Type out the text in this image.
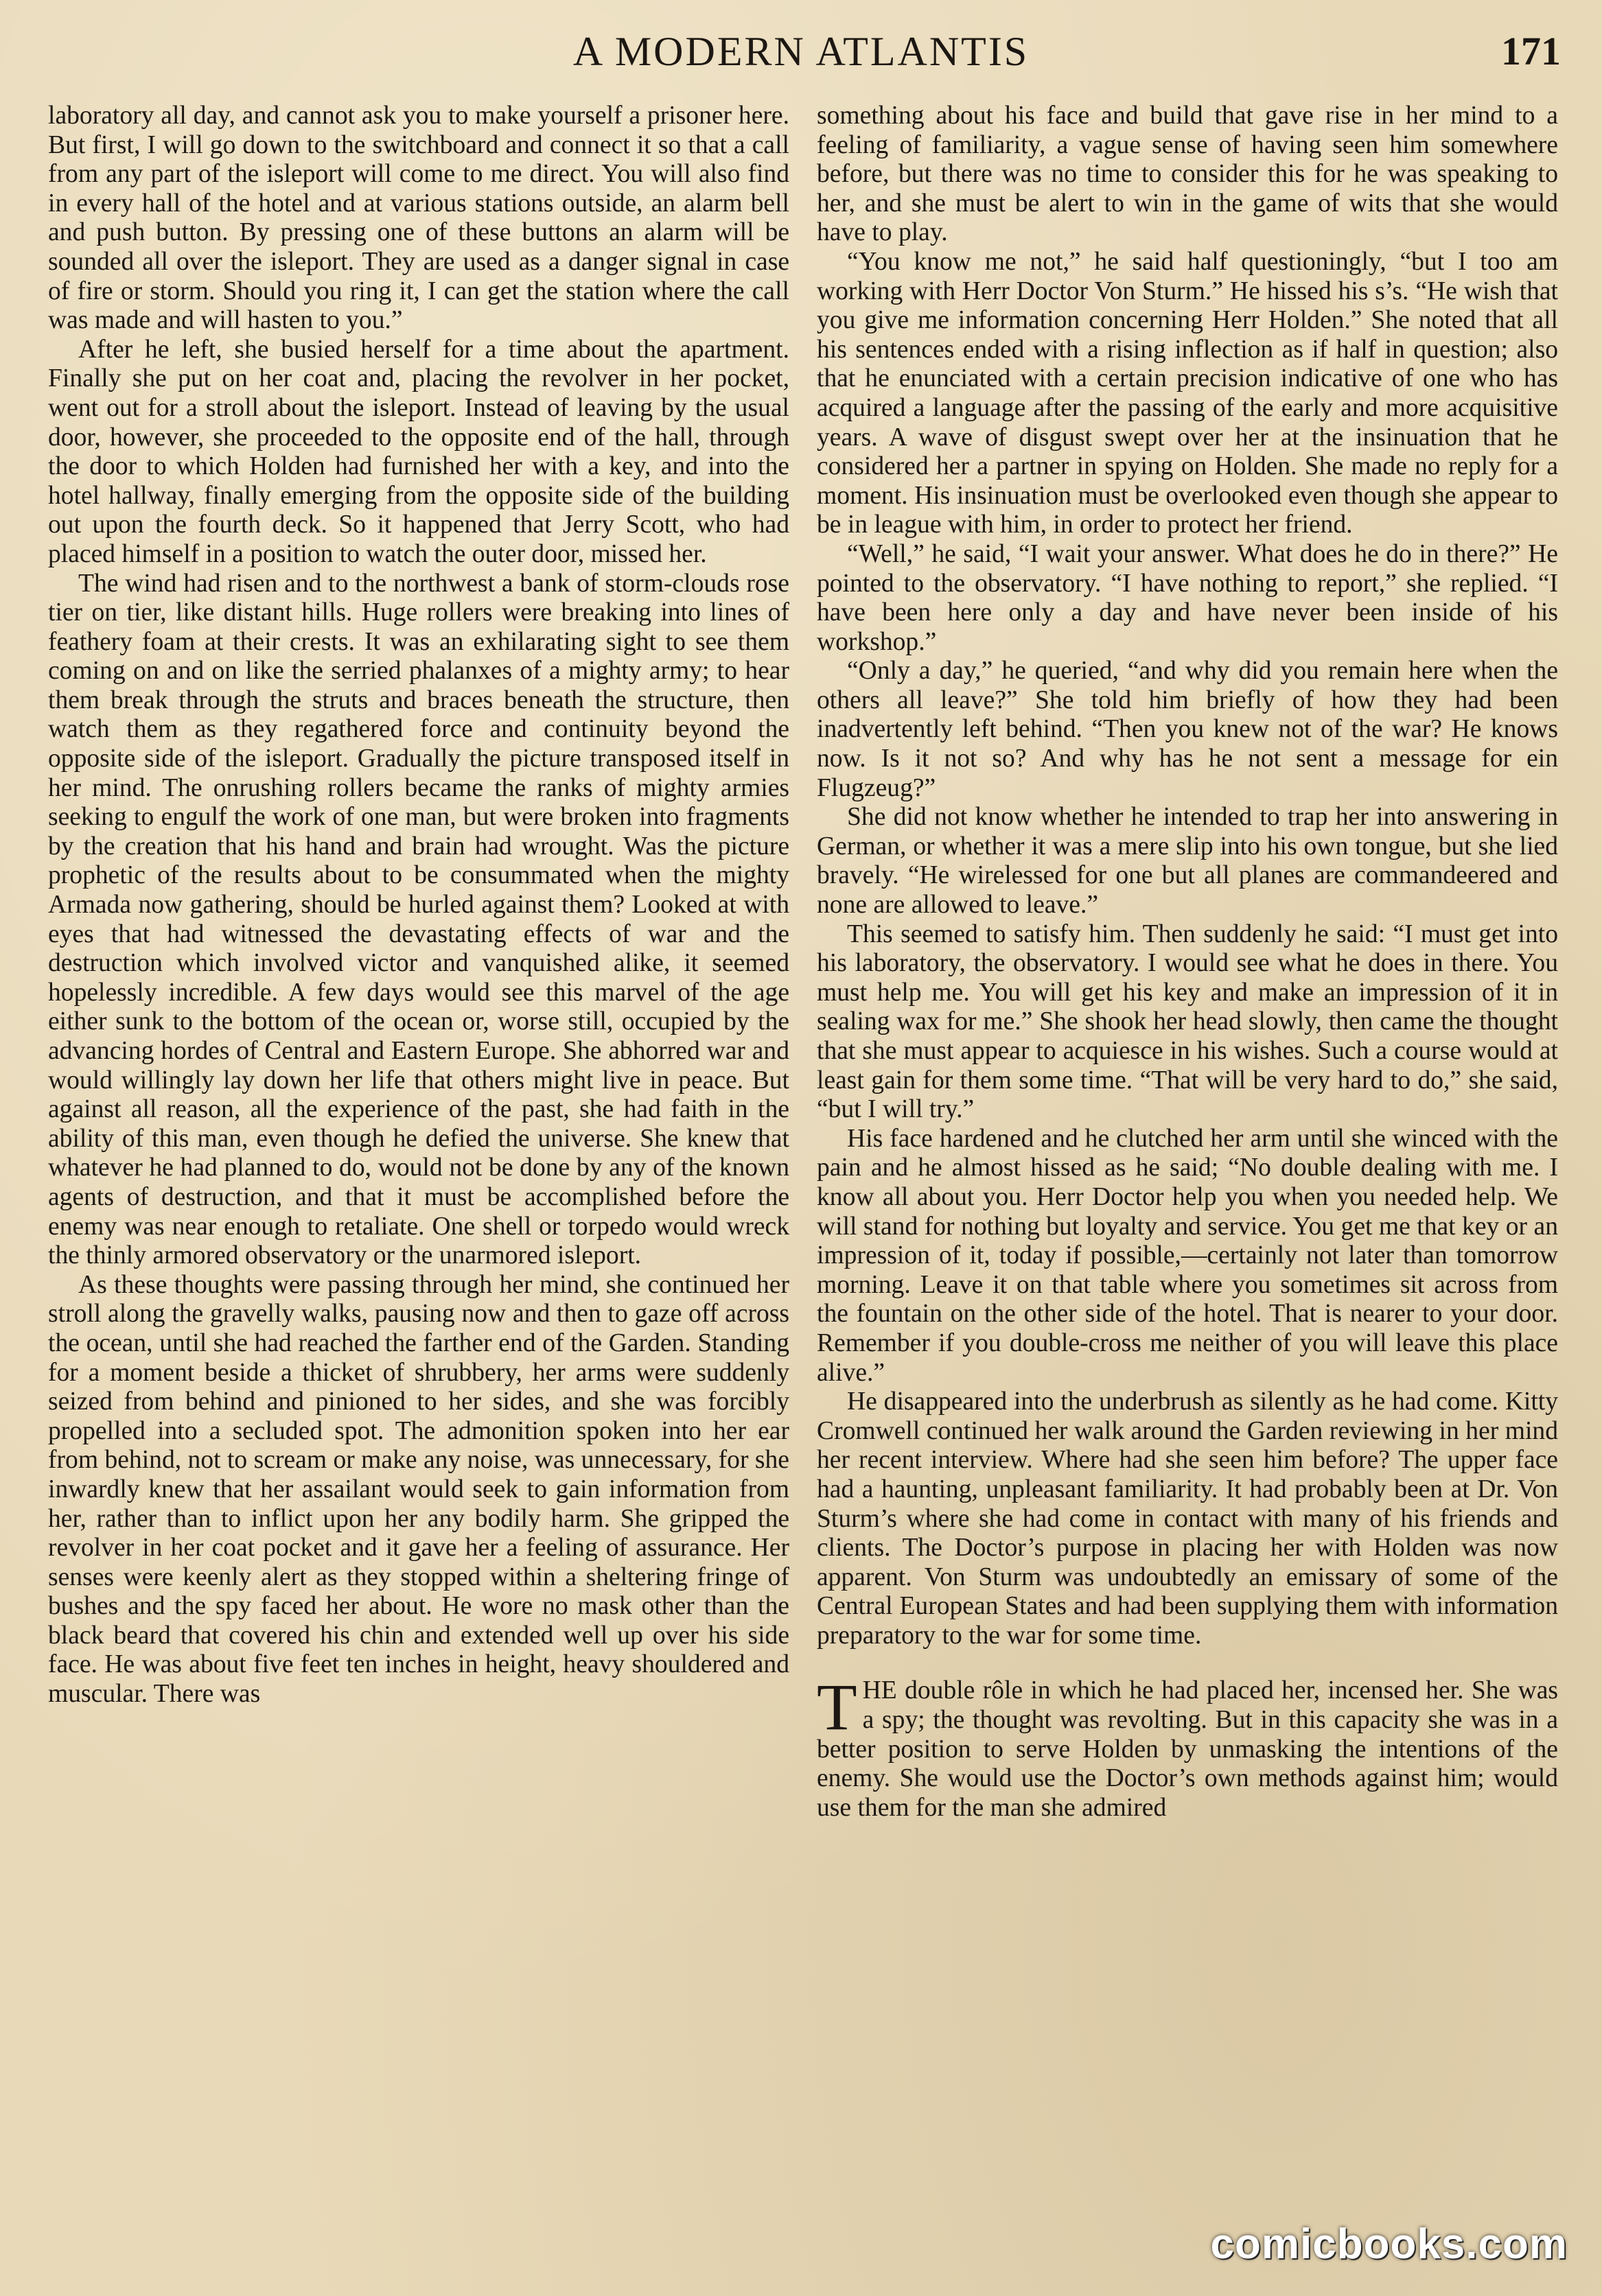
A MODERN ATLANTIS	171

laboratory all day, and cannot ask you to make yourself a prisoner here. But first, I will go down to the switchboard and connect it so that a call from any part of the isleport will come to me direct. You will also find in every hall of the hotel and at various stations outside, an alarm bell and push button. By pressing one of these buttons an alarm will be sounded all over the isleport. They are used as a danger signal in case of fire or storm. Should you ring it, I can get the station where the call was made and will hasten to you.”

After he left, she busied herself for a time about the apartment. Finally she put on her coat and, placing the revolver in her pocket, went out for a stroll about the isleport. Instead of leaving by the usual door, however, she proceeded to the opposite end of the hall, through the door to which Holden had furnished her with a key, and into the hotel hallway, finally emerging from the opposite side of the building out upon the fourth deck. So it happened that Jerry Scott, who had placed himself in a position to watch the outer door, missed her.

The wind had risen and to the northwest a bank of storm-clouds rose tier on tier, like distant hills. Huge rollers were breaking into lines of feathery foam at their crests. It was an exhilarating sight to see them coming on and on like the serried phalanxes of a mighty army; to hear them break through the struts and braces beneath the structure, then watch them as they regathered force and continuity beyond the opposite side of the isleport. Gradually the picture transposed itself in her mind. The onrushing rollers became the ranks of mighty armies seeking to engulf the work of one man, but were broken into fragments by the creation that his hand and brain had wrought. Was the picture prophetic of the results about to be consummated when the mighty Armada now gathering, should be hurled against them? Looked at with eyes that had witnessed the devastating effects of war and the destruction which involved victor and vanquished alike, it seemed hopelessly incredible. A few days would see this marvel of the age either sunk to the bottom of the ocean or, worse still, occupied by the advancing hordes of Central and Eastern Europe. She abhorred war and would willingly lay down her life that others might live in peace. But against all reason, all the experience of the past, she had faith in the ability of this man, even though he defied the universe. She knew that whatever he had planned to do, would not be done by any of the known agents of destruction, and that it must be accomplished before the enemy was near enough to retaliate. One shell or torpedo would wreck the thinly armored observatory or the unarmored isleport.

As these thoughts were passing through her mind, she continued her stroll along the gravelly walks, pausing now and then to gaze off across the ocean, until she had reached the farther end of the Garden. Standing for a moment beside a thicket of shrubbery, her arms were suddenly seized from behind and pinioned to her sides, and she was forcibly propelled into a secluded spot. The admonition spoken into her ear from behind, not to scream or make any noise, was unnecessary, for she inwardly knew that her assailant would seek to gain information from her, rather than to inflict upon her any bodily harm. She gripped the revolver in her coat pocket and it gave her a feeling of assurance. Her senses were keenly alert as they stopped within a sheltering fringe of bushes and the spy faced her about. He wore no mask other than the black beard that covered his chin and extended well up over his side face. He was about five feet ten inches in height, heavy shouldered and muscular. There was

something about his face and build that gave rise in her mind to a feeling of familiarity, a vague sense of having seen him somewhere before, but there was no time to consider this for he was speaking to her, and she must be alert to win in the game of wits that she would have to play.

“You know me not,” he said half questioningly, “but I too am working with Herr Doctor Von Sturm.” He hissed his s’s. “He wish that you give me information concerning Herr Holden.” She noted that all his sentences ended with a rising inflection as if half in question; also that he enunciated with a certain precision indicative of one who has acquired a language after the passing of the early and more acquisitive years. A wave of disgust swept over her at the insinuation that he considered her a partner in spying on Holden. She made no reply for a moment. His insinuation must be overlooked even though she appear to be in league with him, in order to protect her friend.

“Well,” he said, “I wait your answer. What does he do in there?” He pointed to the observatory. “I have nothing to report,” she replied. “I have been here only a day and have never been inside of his workshop.”

“Only a day,” he queried, “and why did you remain here when the others all leave?” She told him briefly of how they had been inadvertently left behind. “Then you knew not of the war? He knows now. Is it not so? And why has he not sent a message for ein Flugzeug?”

She did not know whether he intended to trap her into answering in German, or whether it was a mere slip into his own tongue, but she lied bravely. “He wirelessed for one but all planes are commandeered and none are allowed to leave.”

This seemed to satisfy him. Then suddenly he said: “I must get into his laboratory, the observatory. I would see what he does in there. You must help me. You will get his key and make an impression of it in sealing wax for me.” She shook her head slowly, then came the thought that she must appear to acquiesce in his wishes. Such a course would at least gain for them some time. “That will be very hard to do,” she said, “but I will try.”

His face hardened and he clutched her arm until she winced with the pain and he almost hissed as he said; “No double dealing with me. I know all about you. Herr Doctor help you when you needed help. We will stand for nothing but loyalty and service. You get me that key or an impression of it, today if possible,—certainly not later than tomorrow morning. Leave it on that table where you sometimes sit across from the fountain on the other side of the hotel. That is nearer to your door. Remember if you double-cross me neither of you will leave this place alive.”

He disappeared into the underbrush as silently as he had come. Kitty Cromwell continued her walk around the Garden reviewing in her mind her recent interview. Where had she seen him before? The upper face had a haunting, unpleasant familiarity. It had probably been at Dr. Von Sturm’s where she had come in contact with many of his friends and clients. The Doctor’s purpose in placing her with Holden was now apparent. Von Sturm was undoubtedly an emissary of some of the Central European States and had been supplying them with information preparatory to the war for some time.

THE double rôle in which he had placed her, incensed her. She was a spy; the thought was revolting. But in this capacity she was in a better position to serve Holden by unmasking the intentions of the enemy. She would use the Doctor’s own methods against him; would use them for the man she admired

comicbooks.com
